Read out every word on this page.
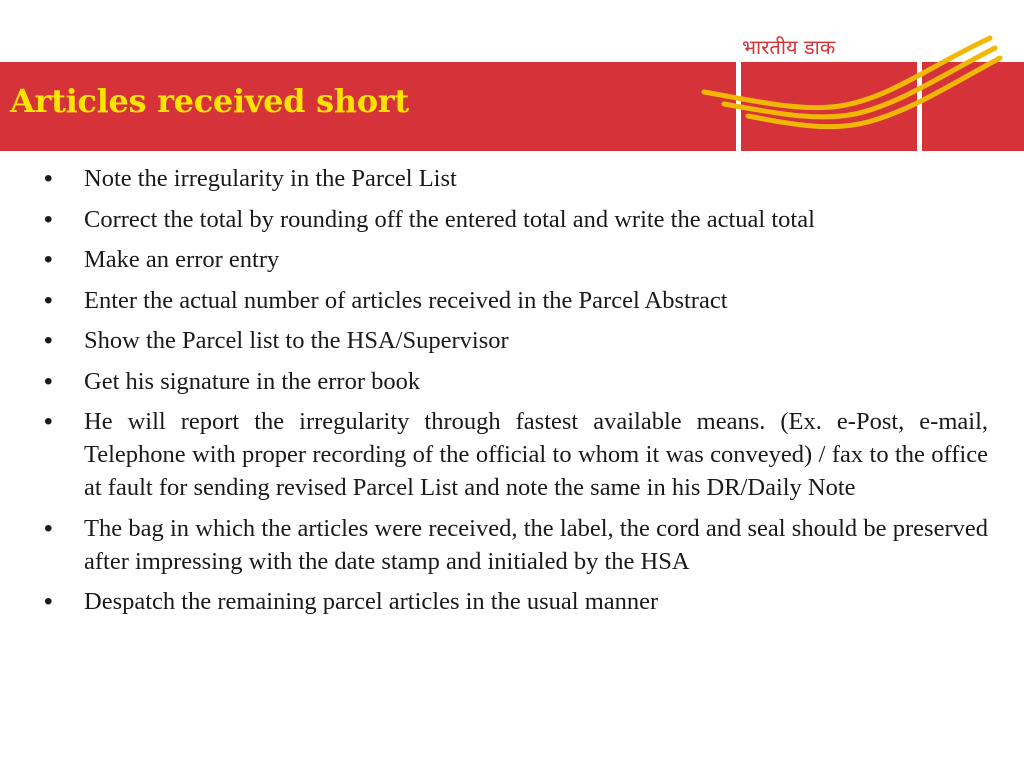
भारतीय डाक
Articles received short
• Note the irregularity in the Parcel List
• Correct the total by rounding off the entered total and write the actual total
• Make an error entry
• Enter the actual number of articles received in the Parcel Abstract
• Show the Parcel list to the HSA/Supervisor
• Get his signature in the error book
• He will report the irregularity through fastest available means. (Ex. e-Post, e-mail, Telephone with proper recording of the official to whom it was conveyed) / fax to the office at fault for sending revised Parcel List and note the same in his DR/Daily Note
• The bag in which the articles were received, the label, the cord and seal should be preserved after impressing with the date stamp and initialed by the HSA
• Despatch the remaining parcel articles in the usual manner
